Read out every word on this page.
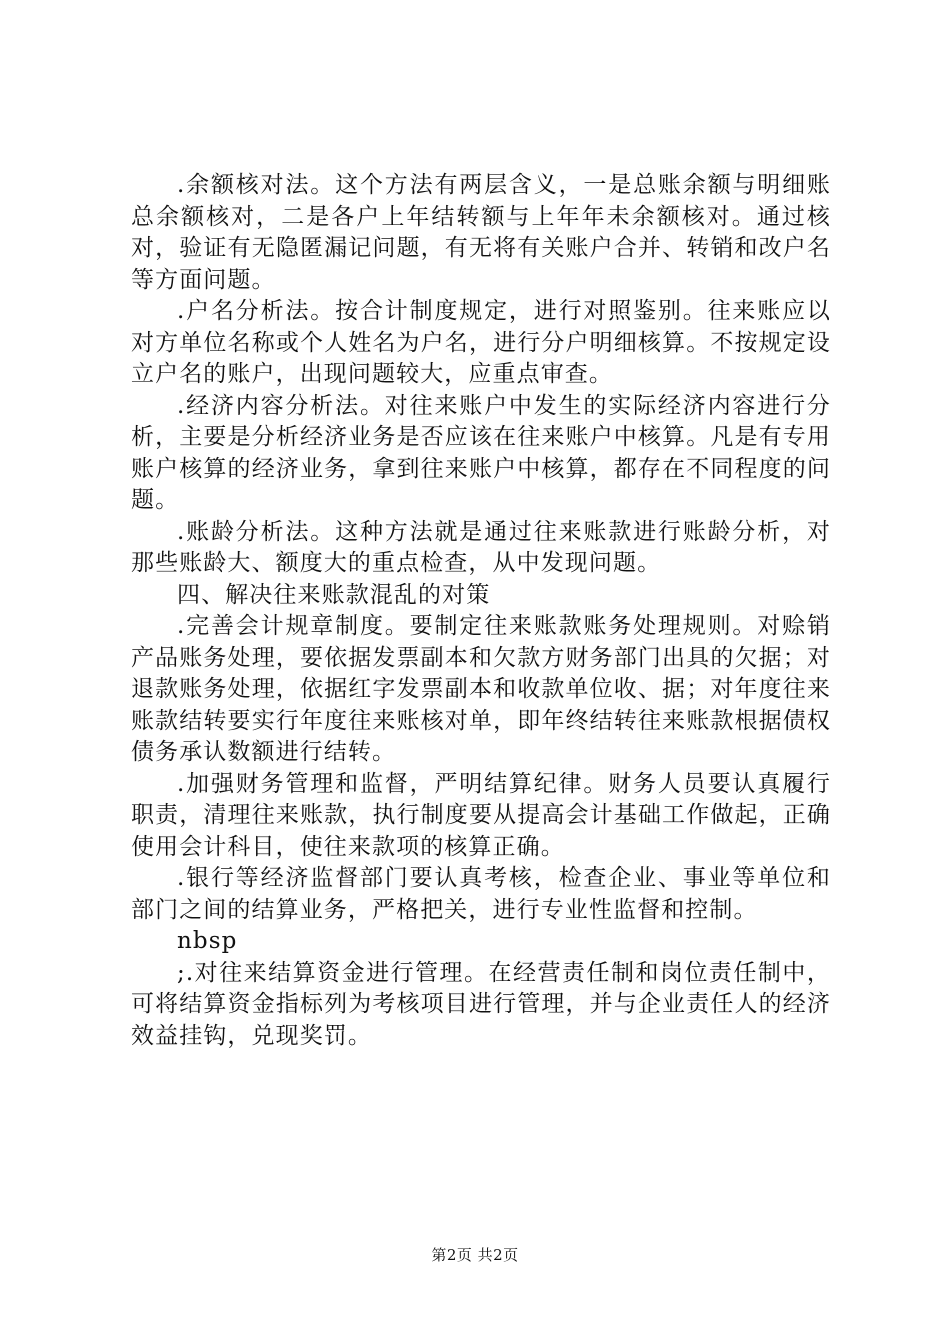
.余额核对法。这个方法有两层含义，一是总账余额与明细账总余额核对，二是各户上年结转额与上年年未余额核对。通过核对，验证有无隐匿漏记问题，有无将有关账户合并、转销和改户名等方面问题。

.户名分析法。按合计制度规定，进行对照鉴别。往来账应以对方单位名称或个人姓名为户名，进行分户明细核算。不按规定设立户名的账户，出现问题较大，应重点审查。

.经济内容分析法。对往来账户中发生的实际经济内容进行分析，主要是分析经济业务是否应该在往来账户中核算。凡是有专用账户核算的经济业务，拿到往来账户中核算，都存在不同程度的问题。

.账龄分析法。这种方法就是通过往来账款进行账龄分析，对那些账龄大、额度大的重点检查，从中发现问题。

四、解决往来账款混乱的对策

.完善会计规章制度。要制定往来账款账务处理规则。对赊销产品账务处理，要依据发票副本和欠款方财务部门出具的欠据；对退款账务处理，依据红字发票副本和收款单位收、据；对年度往来账款结转要实行年度往来账核对单，即年终结转往来账款根据债权债务承认数额进行结转。

.加强财务管理和监督，严明结算纪律。财务人员要认真履行职责，清理往来账款，执行制度要从提高会计基础工作做起，正确使用会计科目，使往来款项的核算正确。

.银行等经济监督部门要认真考核，检查企业、事业等单位和部门之间的结算业务，严格把关，进行专业性监督和控制。

nbsp

;.对往来结算资金进行管理。在经营责任制和岗位责任制中，可将结算资金指标列为考核项目进行管理，并与企业责任人的经济效益挂钩，兑现奖罚。

第2页 共2页
